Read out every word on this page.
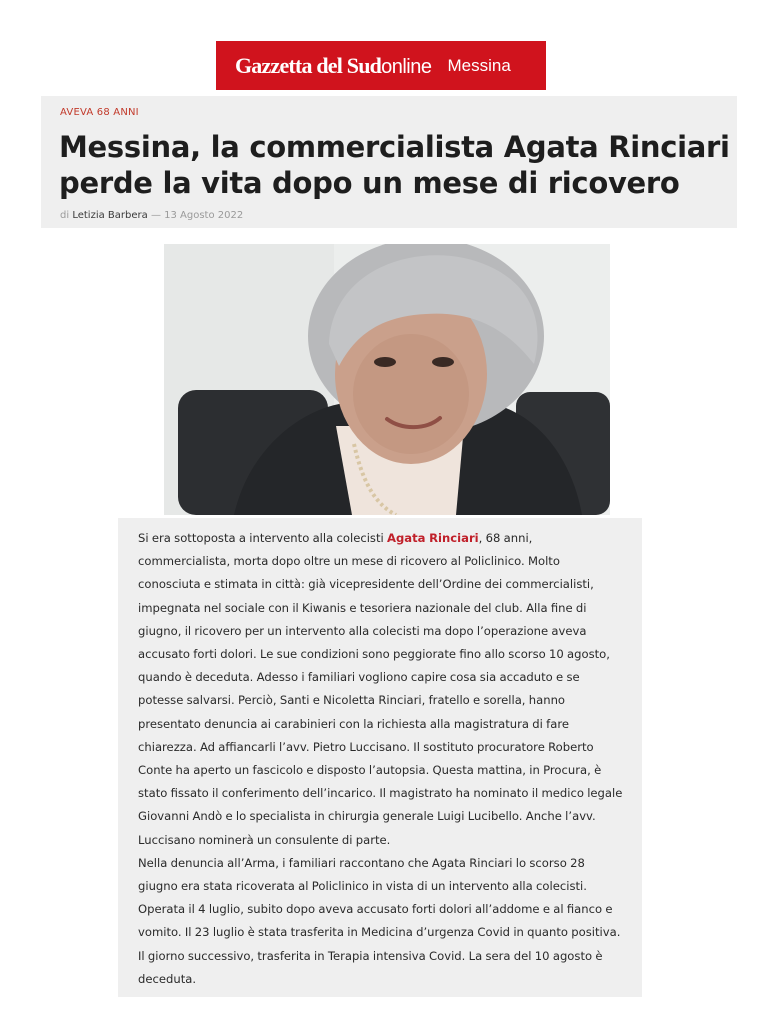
Gazzetta del Sudonline Messina
AVEVA 68 ANNI
Messina, la commercialista Agata Rinciari perde la vita dopo un mese di ricovero
di Letizia Barbera — 13 Agosto 2022

Si era sottoposta a intervento alla colecisti Agata Rinciari, 68 anni, commercialista, morta dopo oltre un mese di ricovero al Policlinico. Molto conosciuta e stimata in città: già vicepresidente dell’Ordine dei commercialisti, impegnata nel sociale con il Kiwanis e tesoriera nazionale del club. Alla fine di giugno, il ricovero per un intervento alla colecisti ma dopo l’operazione aveva accusato forti dolori. Le sue condizioni sono peggiorate fino allo scorso 10 agosto, quando è deceduta. Adesso i familiari vogliono capire cosa sia accaduto e se potesse salvarsi. Perciò, Santi e Nicoletta Rinciari, fratello e sorella, hanno presentato denuncia ai carabinieri con la richiesta alla magistratura di fare chiarezza. Ad affiancarli l’avv. Pietro Luccisano. Il sostituto procuratore Roberto Conte ha aperto un fascicolo e disposto l’autopsia. Questa mattina, in Procura, è stato fissato il conferimento dell’incarico. Il magistrato ha nominato il medico legale Giovanni Andò e lo specialista in chirurgia generale Luigi Lucibello. Anche l’avv. Luccisano nominerà un consulente di parte.

Nella denuncia all’Arma, i familiari raccontano che Agata Rinciari lo scorso 28 giugno era stata ricoverata al Policlinico in vista di un intervento alla colecisti. Operata il 4 luglio, subito dopo aveva accusato forti dolori all’addome e al fianco e vomito. Il 23 luglio è stata trasferita in Medicina d’urgenza Covid in quanto positiva. Il giorno successivo, trasferita in Terapia intensiva Covid. La sera del 10 agosto è deceduta.
